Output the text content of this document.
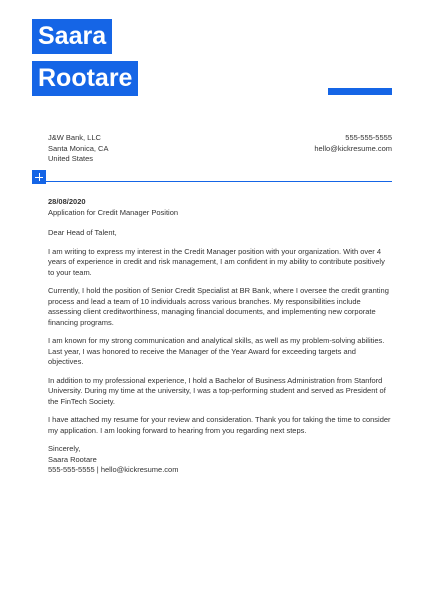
Saara
Rootare
J&W Bank, LLC
Santa Monica, CA
United States
555-555-5555
hello@kickresume.com
28/08/2020
Application for Credit Manager Position
Dear Head of Talent,

I am writing to express my interest in the Credit Manager position with your organization. With over 4 years of experience in credit and risk management, I am confident in my ability to contribute positively to your team.

Currently, I hold the position of Senior Credit Specialist at BR Bank, where I oversee the credit granting process and lead a team of 10 individuals across various branches. My responsibilities include assessing client creditworthiness, managing financial documents, and implementing new corporate financing programs.

I am known for my strong communication and analytical skills, as well as my problem-solving abilities. Last year, I was honored to receive the Manager of the Year Award for exceeding targets and objectives.

In addition to my professional experience, I hold a Bachelor of Business Administration from Stanford University. During my time at the university, I was a top-performing student and served as President of the FinTech Society.

I have attached my resume for your review and consideration. Thank you for taking the time to consider my application. I am looking forward to hearing from you regarding next steps.

Sincerely,
Saara Rootare
555-555-5555 | hello@kickresume.com
